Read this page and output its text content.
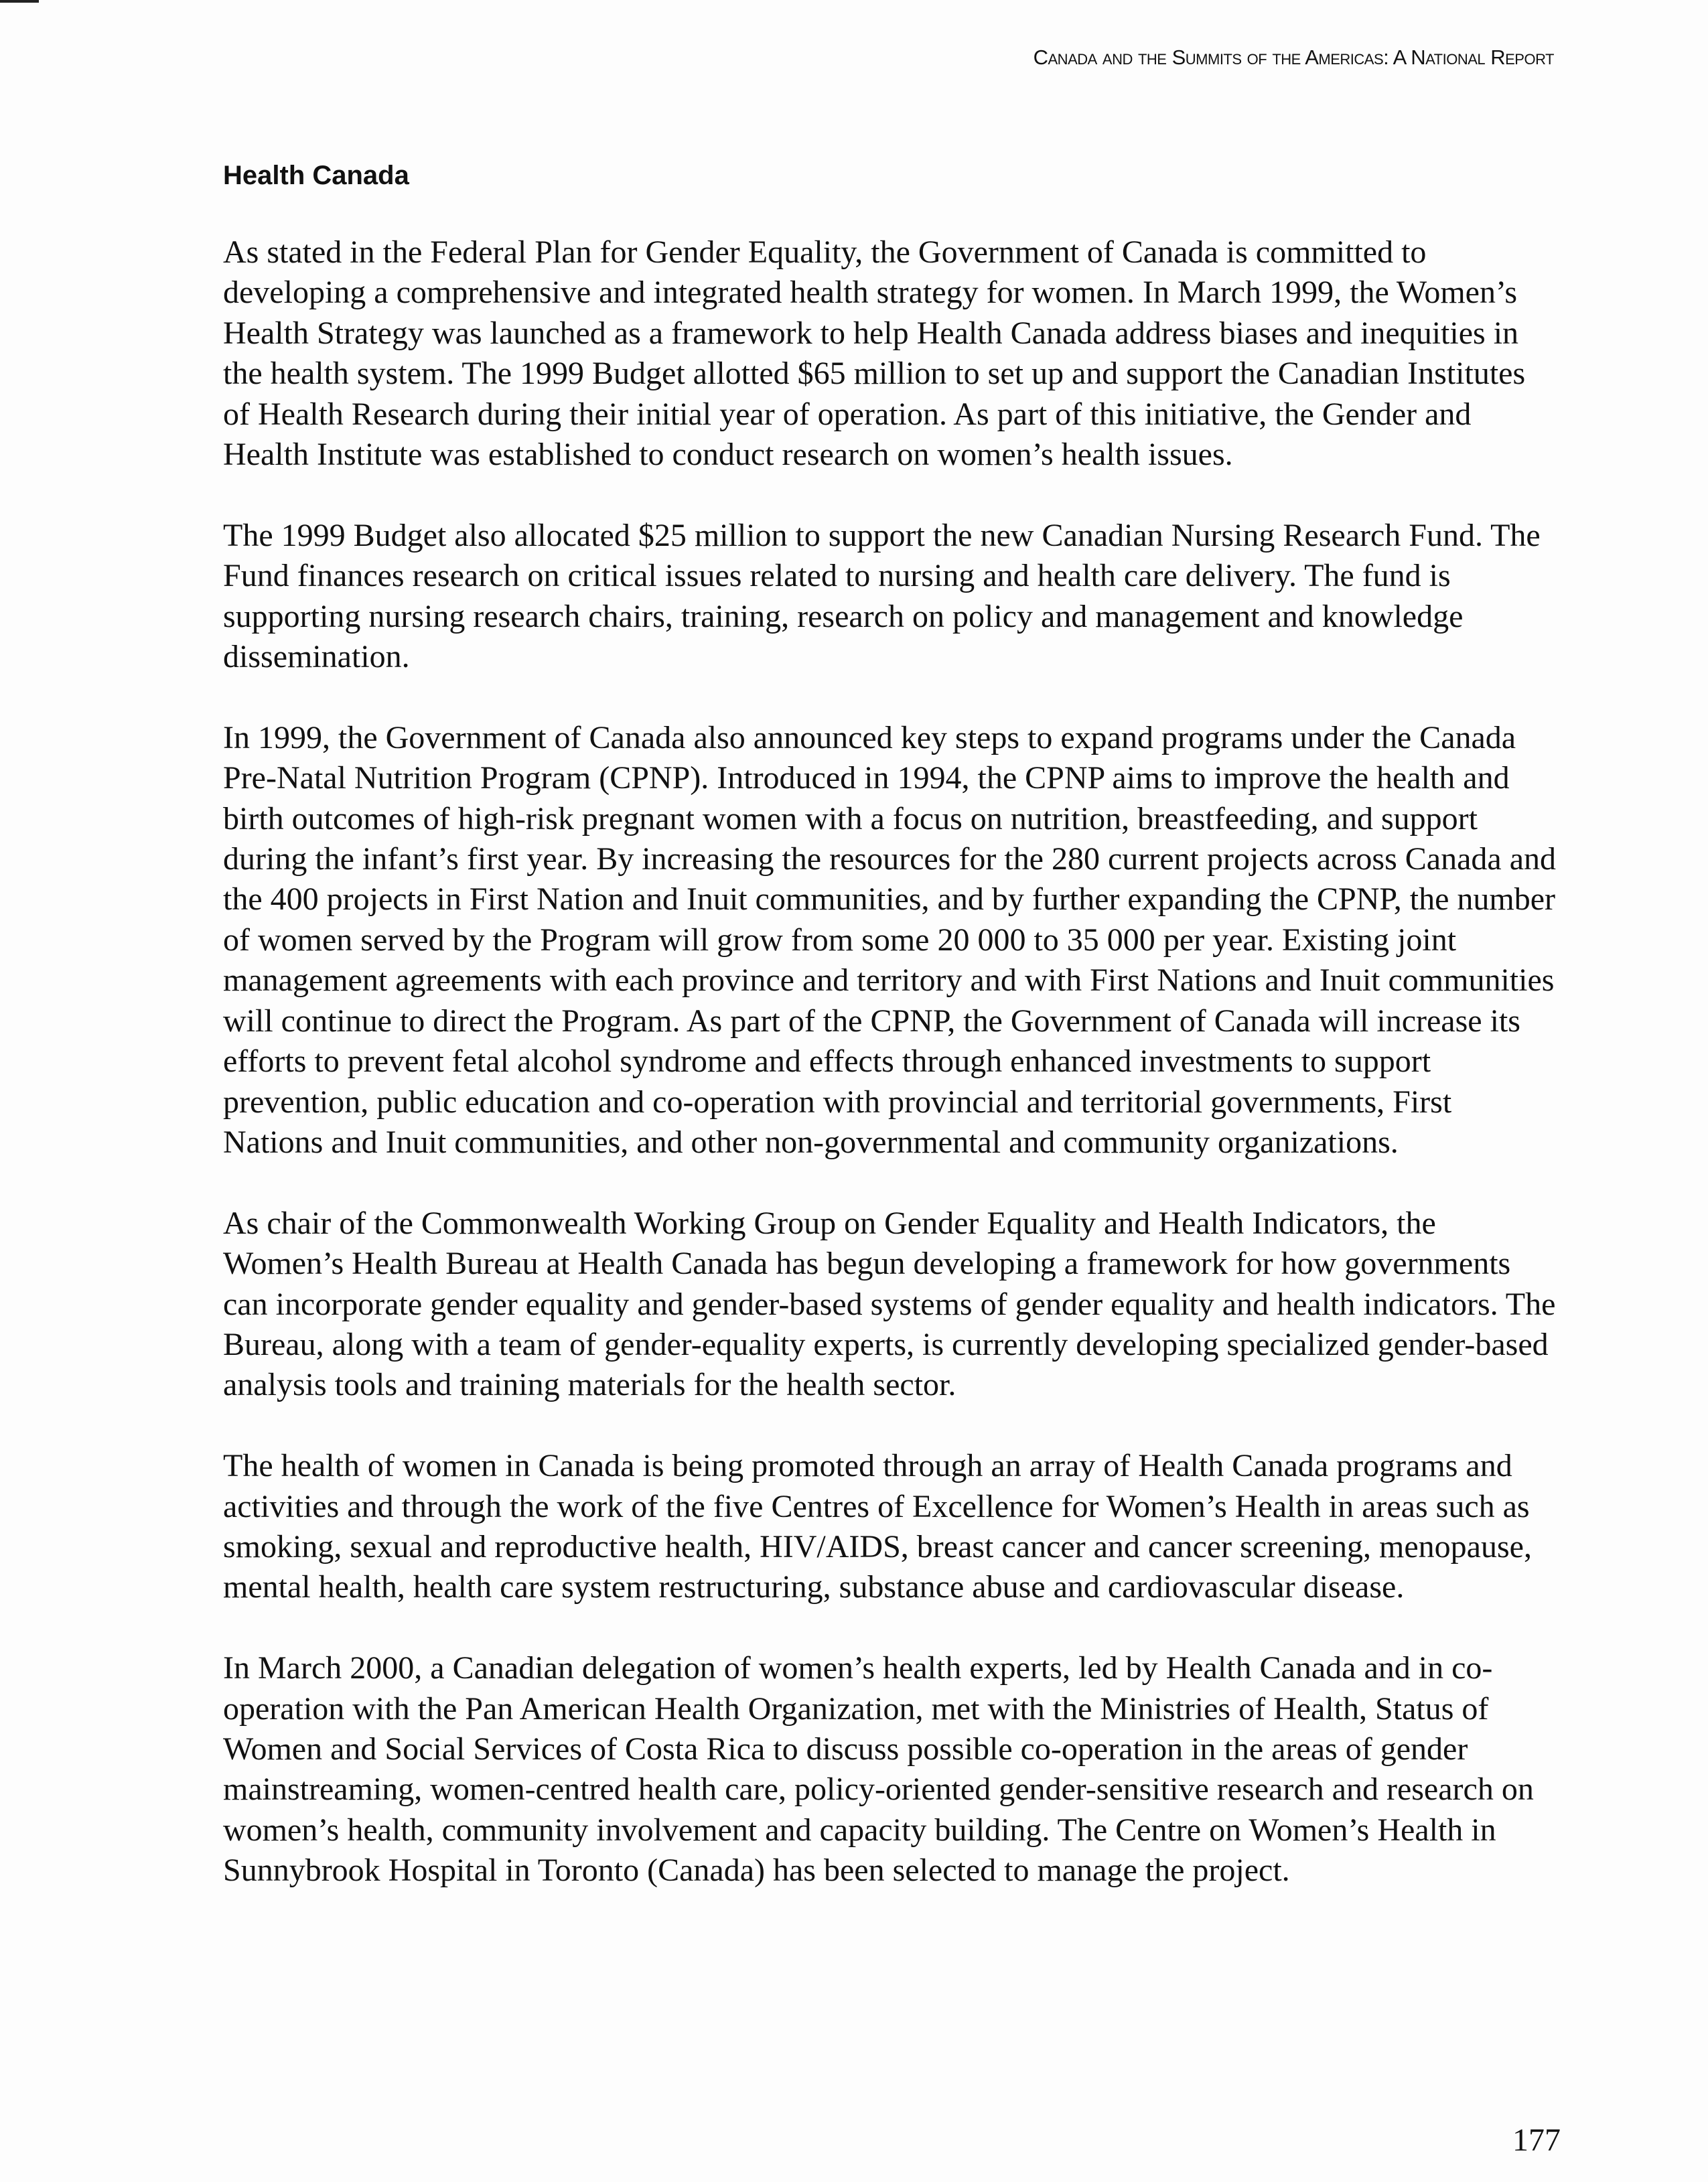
Canada and the Summits of the Americas: A National Report
Health Canada

As stated in the Federal Plan for Gender Equality, the Government of Canada is committed to developing a comprehensive and integrated health strategy for women. In March 1999, the Women’s Health Strategy was launched as a framework to help Health Canada address biases and inequities in the health system. The 1999 Budget allotted $65 million to set up and support the Canadian Institutes of Health Research during their initial year of operation. As part of this initiative, the Gender and Health Institute was established to conduct research on women’s health issues.

The 1999 Budget also allocated $25 million to support the new Canadian Nursing Research Fund. The Fund finances research on critical issues related to nursing and health care delivery. The fund is supporting nursing research chairs, training, research on policy and management and knowledge dissemination.

In 1999, the Government of Canada also announced key steps to expand programs under the Canada Pre-Natal Nutrition Program (CPNP). Introduced in 1994, the CPNP aims to improve the health and birth outcomes of high-risk pregnant women with a focus on nutrition, breastfeeding, and support during the infant’s first year. By increasing the resources for the 280 current projects across Canada and the 400 projects in First Nation and Inuit communities, and by further expanding the CPNP, the number of women served by the Program will grow from some 20 000 to 35 000 per year. Existing joint management agreements with each province and territory and with First Nations and Inuit communities will continue to direct the Program. As part of the CPNP, the Government of Canada will increase its efforts to prevent fetal alcohol syndrome and effects through enhanced investments to support prevention, public education and co-operation with provincial and territorial governments, First Nations and Inuit communities, and other non-governmental and community organizations.

As chair of the Commonwealth Working Group on Gender Equality and Health Indicators, the Women’s Health Bureau at Health Canada has begun developing a framework for how governments can incorporate gender equality and gender-based systems of gender equality and health indicators. The Bureau, along with a team of gender-equality experts, is currently developing specialized gender-based analysis tools and training materials for the health sector.

The health of women in Canada is being promoted through an array of Health Canada programs and activities and through the work of the five Centres of Excellence for Women’s Health in areas such as smoking, sexual and reproductive health, HIV/AIDS, breast cancer and cancer screening, menopause, mental health, health care system restructuring, substance abuse and cardiovascular disease.

In March 2000, a Canadian delegation of women’s health experts, led by Health Canada and in co-operation with the Pan American Health Organization, met with the Ministries of Health, Status of Women and Social Services of Costa Rica to discuss possible co-operation in the areas of gender mainstreaming, women-centred health care, policy-oriented gender-sensitive research and research on women’s health, community involvement and capacity building. The Centre on Women’s Health in Sunnybrook Hospital in Toronto (Canada) has been selected to manage the project.

177
